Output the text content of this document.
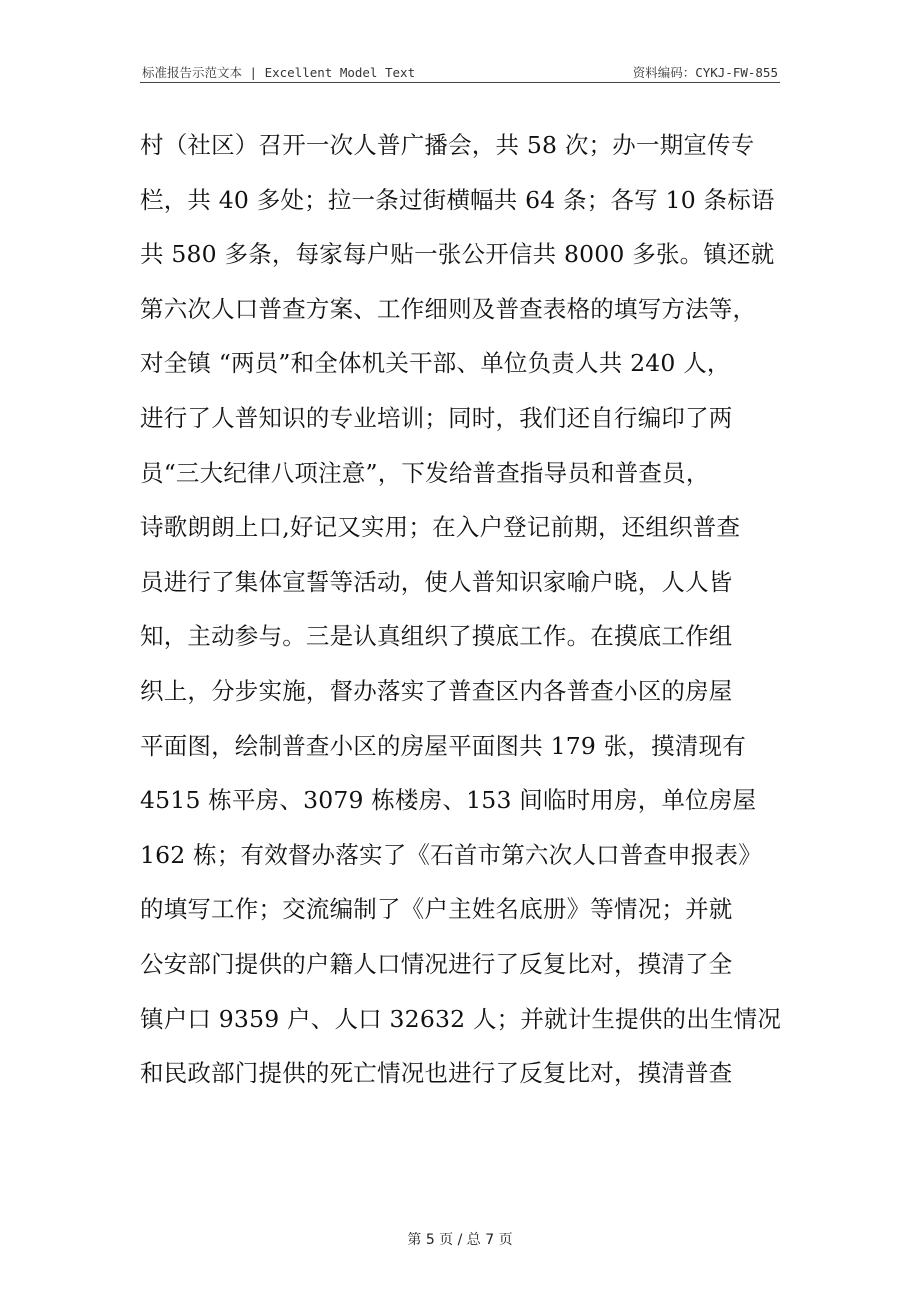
标准报告示范文本 | Excellent Model Text	资料编码：CYKJ-FW-855
村（社区）召开一次人普广播会，共 58 次；办一期宣传专
栏，共 40 多处；拉一条过街横幅共 64 条；各写 10 条标语
共 580 多条，每家每户贴一张公开信共 8000 多张。镇还就
第六次人口普查方案、工作细则及普查表格的填写方法等，
对全镇 “两员”和全体机关干部、单位负责人共 240 人，
进行了人普知识的专业培训；同时，我们还自行编印了两
员“三大纪律八项注意”，下发给普查指导员和普查员，
诗歌朗朗上口,好记又实用；在入户登记前期，还组织普查
员进行了集体宣誓等活动，使人普知识家喻户晓，人人皆
知，主动参与。三是认真组织了摸底工作。在摸底工作组
织上，分步实施，督办落实了普查区内各普查小区的房屋
平面图，绘制普查小区的房屋平面图共 179 张，摸清现有
4515 栋平房、3079 栋楼房、153 间临时用房，单位房屋
162 栋；有效督办落实了《石首市第六次人口普查申报表》
的填写工作；交流编制了《户主姓名底册》等情况；并就
公安部门提供的户籍人口情况进行了反复比对，摸清了全
镇户口 9359 户、人口 32632 人；并就计生提供的出生情况
和民政部门提供的死亡情况也进行了反复比对，摸清普查
第 5 页 / 总 7 页
